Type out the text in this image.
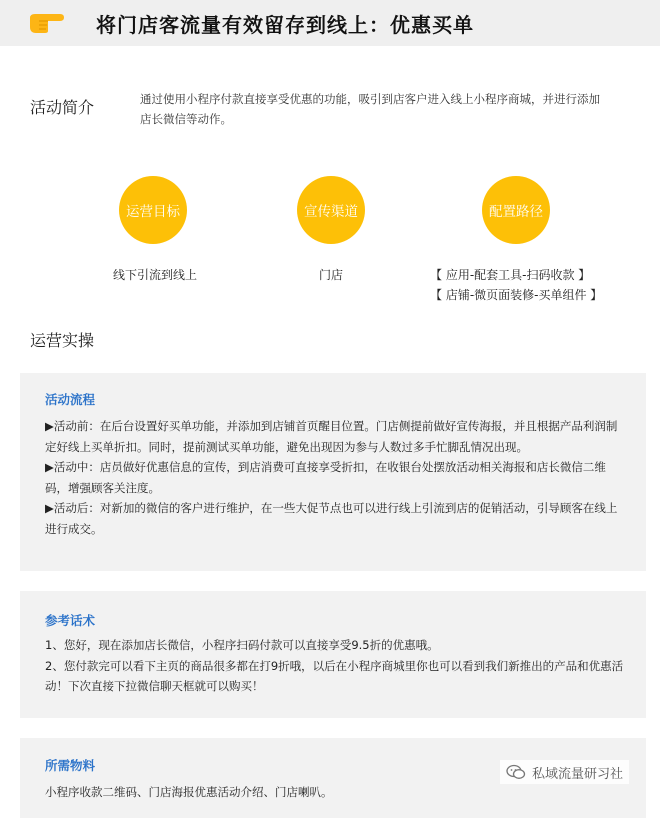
将门店客流量有效留存到线上：优惠买单
活动简介	通过使用小程序付款直接享受优惠的功能，吸引到店客户进入线上小程序商城，并进行添加店长微信等动作。
运营目标	宣传渠道	配置路径
线下引流到线上	门店	【 应用-配套工具-扫码收款 】
【 店铺-微页面装修-买单组件 】
运营实操
活动流程

▶活动前：在后台设置好买单功能，并添加到店铺首页醒目位置。门店侧提前做好宣传海报，并且根据产品利润制定好线上买单折扣。同时，提前测试买单功能，避免出现因为参与人数过多手忙脚乱情况出现。

▶活动中：店员做好优惠信息的宣传，到店消费可直接享受折扣，在收银台处摆放活动相关海报和店长微信二维码，增强顾客关注度。

▶活动后：对新加的微信的客户进行维护，在一些大促节点也可以进行线上引流到店的促销活动，引导顾客在线上进行成交。

参考话术

1、您好，现在添加店长微信，小程序扫码付款可以直接享受9.5折的优惠哦。

2、您付款完可以看下主页的商品很多都在打9折哦，以后在小程序商城里你也可以看到我们新推出的产品和优惠活动！下次直接下拉微信聊天框就可以购买！

所需物料

小程序收款二维码、门店海报优惠活动介绍、门店喇叭。

私域流量研习社
